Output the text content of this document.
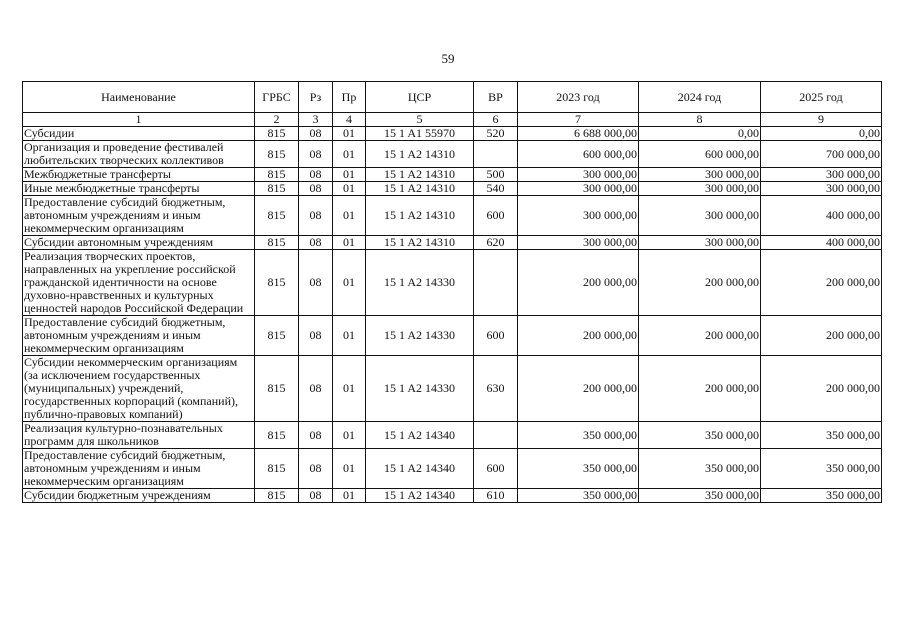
59
Наименование	ГРБС	Рз	Пр	ЦСР	ВР	2023 год	2024 год	2025 год
1	2	3	4	5	6	7	8	9
Субсидии	815	08	01	15 1 A1 55970	520	6 688 000,00	0,00	0,00
Организация и проведение фестивалей любительских творческих коллективов	815	08	01	15 1 A2 14310		600 000,00	600 000,00	700 000,00
Межбюджетные трансферты	815	08	01	15 1 A2 14310	500	300 000,00	300 000,00	300 000,00
Иные межбюджетные трансферты	815	08	01	15 1 A2 14310	540	300 000,00	300 000,00	300 000,00
Предоставление субсидий бюджетным, автономным учреждениям и иным некоммерческим организациям	815	08	01	15 1 A2 14310	600	300 000,00	300 000,00	400 000,00
Субсидии автономным учреждениям	815	08	01	15 1 A2 14310	620	300 000,00	300 000,00	400 000,00
Реализация творческих проектов, направленных на укрепление российской гражданской идентичности на основе духовно-нравственных и культурных ценностей народов Российской Федерации	815	08	01	15 1 A2 14330		200 000,00	200 000,00	200 000,00
Предоставление субсидий бюджетным, автономным учреждениям и иным некоммерческим организациям	815	08	01	15 1 A2 14330	600	200 000,00	200 000,00	200 000,00
Субсидии некоммерческим организациям (за исключением государственных (муниципальных) учреждений, государственных корпораций (компаний), публично-правовых компаний)	815	08	01	15 1 A2 14330	630	200 000,00	200 000,00	200 000,00
Реализация культурно-познавательных программ для школьников	815	08	01	15 1 A2 14340		350 000,00	350 000,00	350 000,00
Предоставление субсидий бюджетным, автономным учреждениям и иным некоммерческим организациям	815	08	01	15 1 A2 14340	600	350 000,00	350 000,00	350 000,00
Субсидии бюджетным учреждениям	815	08	01	15 1 A2 14340	610	350 000,00	350 000,00	350 000,00
